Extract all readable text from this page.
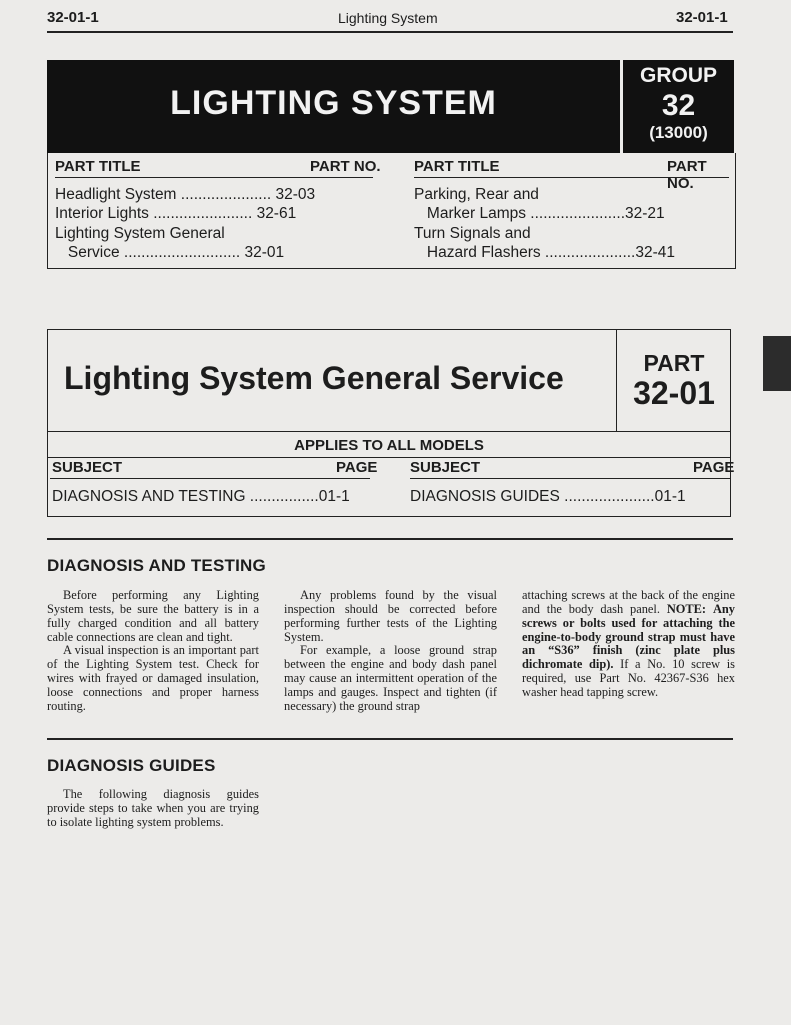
32-01-1	Lighting System	32-01-1
LIGHTING SYSTEM
GROUP
32
(13000)
PART TITLE	PART NO. PART TITLE	PART NO.
Headlight System ..................... 32-03
Interior Lights ....................... 32-61
Lighting System General
Service ........................... 32-01
Parking, Rear and
Marker Lamps ......................32-21
Turn Signals and
Hazard Flashers .....................32-41
Lighting System General Service	PART
32-01
APPLIES TO ALL MODELS
SUBJECT	PAGE SUBJECT	PAGE
DIAGNOSIS AND TESTING ................01-1	DIAGNOSIS GUIDES .....................01-1
DIAGNOSIS AND TESTING

Before performing any Lighting System tests, be sure the battery is in a fully charged condition and all battery cable connections are clean and tight.

A visual inspection is an important part of the Lighting System test. Check for wires with frayed or damaged insulation, loose connections and proper harness routing.

Any problems found by the visual inspection should be corrected before performing further tests of the Lighting System.

For example, a loose ground strap between the engine and body dash panel may cause an intermittent operation of the lamps and gauges. Inspect and tighten (if necessary) the ground strap

attaching screws at the back of the engine and the body dash panel. NOTE: Any screws or bolts used for attaching the engine-to-body ground strap must have an “S36” finish (zinc plate plus dichromate dip). If a No. 10 screw is required, use Part No. 42367-S36 hex washer head tapping screw.

DIAGNOSIS GUIDES

The following diagnosis guides provide steps to take when you are trying to isolate lighting system problems.
